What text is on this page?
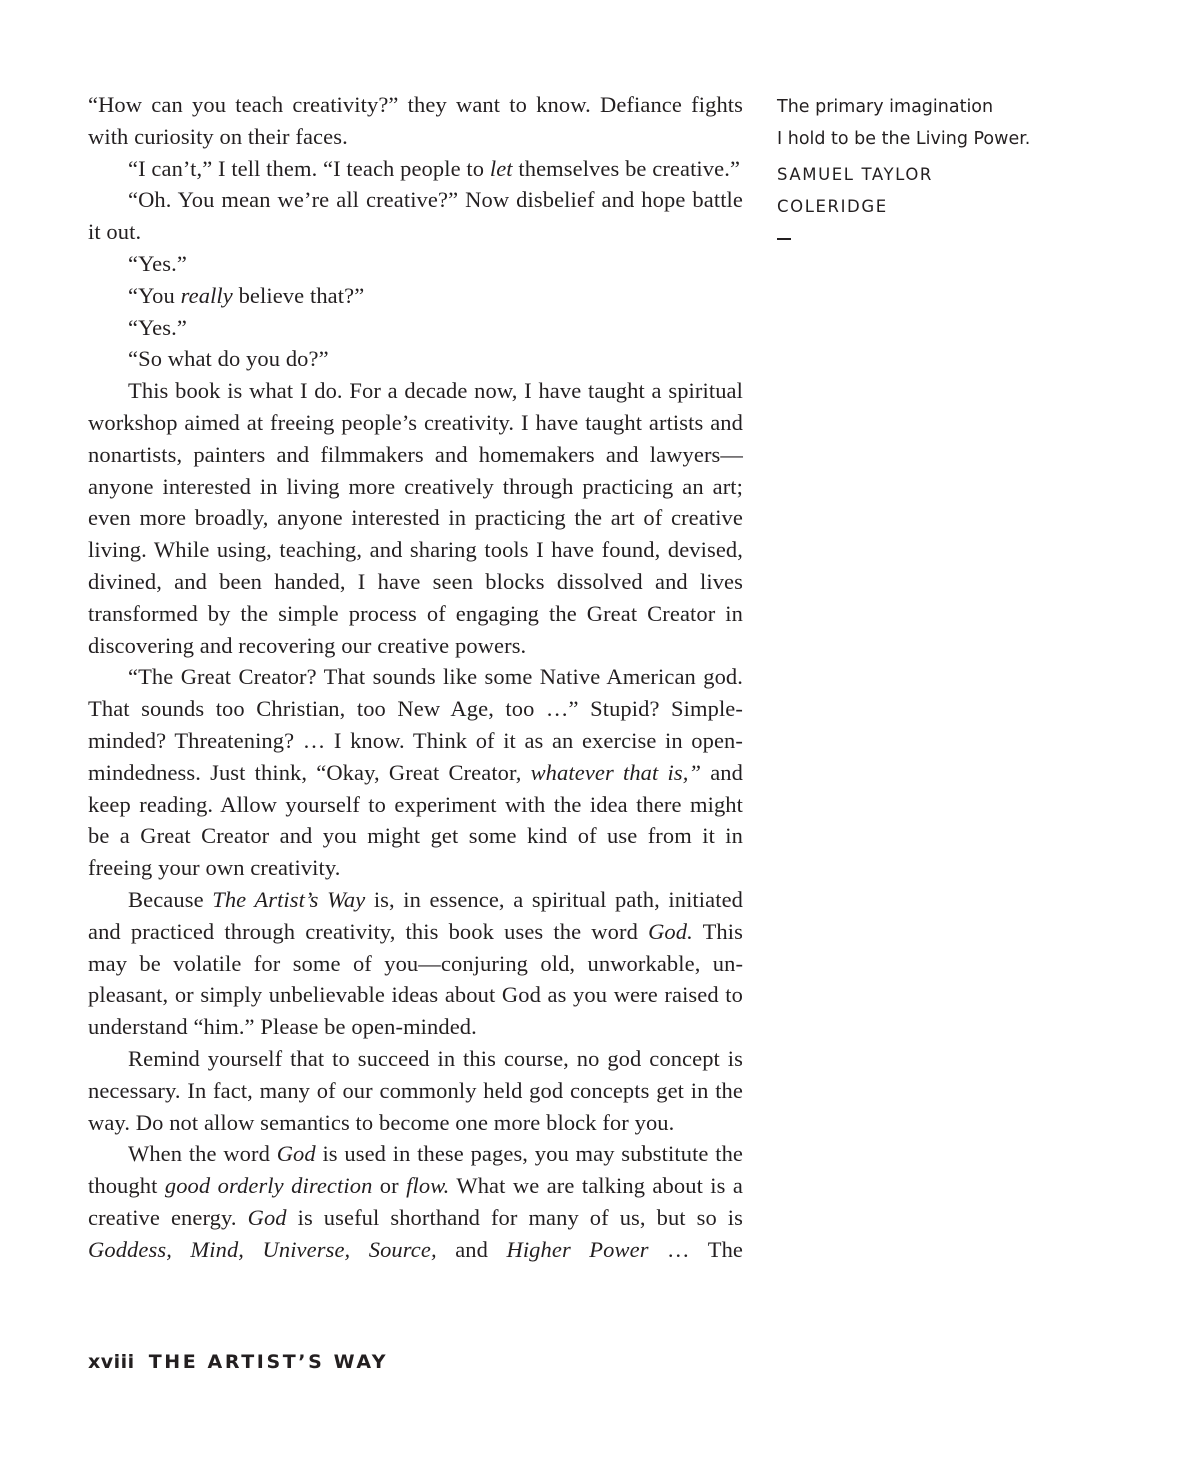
“How can you teach creativity?” they want to know. Defiance fights with curiosity on their faces.

“I can’t,” I tell them. “I teach people to let themselves be creative.”

“Oh. You mean we’re all creative?” Now disbelief and hope battle it out.

“Yes.”

“You really believe that?”

“Yes.”

“So what do you do?”

This book is what I do. For a decade now, I have taught a spiritual workshop aimed at freeing people’s creativity. I have taught artists and nonartists, painters and filmmakers and homemakers and lawyers—anyone interested in living more creatively through practicing an art; even more broadly, anyone interested in practicing the art of creative living. While using, teaching, and sharing tools I have found, devised, divined, and been handed, I have seen blocks dissolved and lives transformed by the simple process of engaging the Great Creator in discovering and recovering our creative powers.

“The Great Creator? That sounds like some Native American god. That sounds too Christian, too New Age, too …” Stupid? Simple-minded? Threatening? … I know. Think of it as an exercise in open-mindedness. Just think, “Okay, Great Creator, whatever that is,” and keep reading. Allow yourself to experiment with the idea there might be a Great Creator and you might get some kind of use from it in freeing your own creativity.

Because The Artist’s Way is, in essence, a spiritual path, initiated and practiced through creativity, this book uses the word God. This may be volatile for some of you—conjuring old, unworkable, unpleasant, or simply unbelievable ideas about God as you were raised to understand “him.” Please be open-minded.

Remind yourself that to succeed in this course, no god concept is necessary. In fact, many of our commonly held god concepts get in the way. Do not allow semantics to become one more block for you.

When the word God is used in these pages, you may substitute the thought good orderly direction or flow. What we are talking about is a creative energy. God is useful shorthand for many of us, but so is Goddess, Mind, Universe, Source, and Higher Power … The

The primary imagination
I hold to be the Living Power.
SAMUEL TAYLOR
COLERIDGE
xviii THE ARTIST’S WAY
